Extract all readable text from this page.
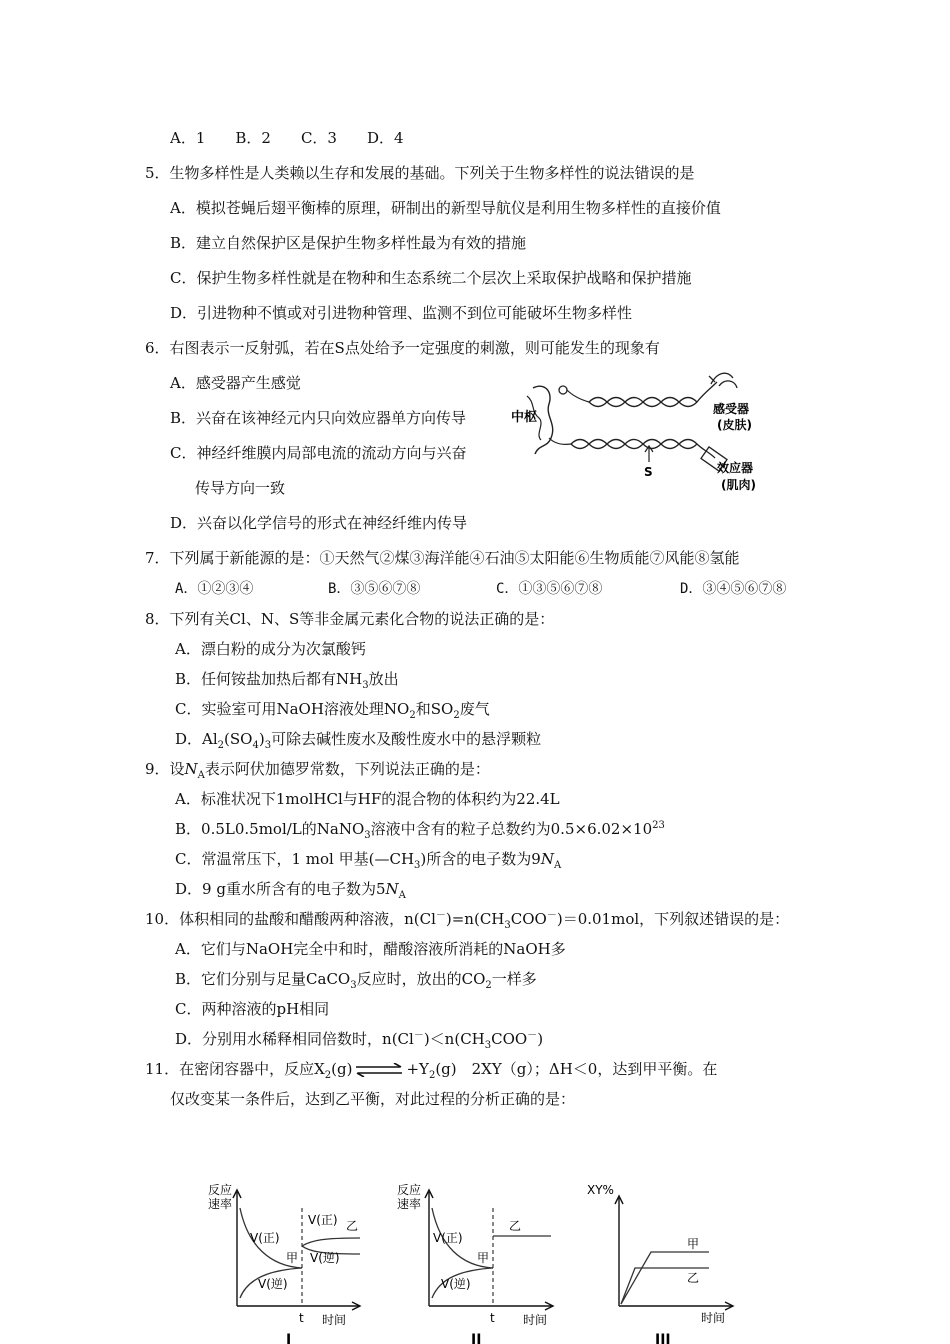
A．1　　B．2　　C．3　　D．4
5．生物多样性是人类赖以生存和发展的基础。下列关于生物多样性的说法错误的是
A．模拟苍蝇后翅平衡棒的原理，研制出的新型导航仪是利用生物多样性的直接价值
B．建立自然保护区是保护生物多样性最为有效的措施
C．保护生物多样性就是在物种和生态系统二个层次上采取保护战略和保护措施
D．引进物种不慎或对引进物种管理、监测不到位可能破坏生物多样性
6．右图表示一反射弧，若在S点处给予一定强度的刺激，则可能发生的现象有
A．感受器产生感觉
B．兴奋在该神经元内只向效应器单方向传导
C．神经纤维膜内局部电流的流动方向与兴奋
传导方向一致
D．兴奋以化学信号的形式在神经纤维内传导
中枢
感受器
(皮肤)
S	效应器
(肌肉)
7．下列属于新能源的是：①天然气②煤③海洋能④石油⑤太阳能⑥生物质能⑦风能⑧氢能
A．①②③④	B．③⑤⑥⑦⑧	C．①③⑤⑥⑦⑧	D．③④⑤⑥⑦⑧
8．下列有关Cl、N、S等非金属元素化合物的说法正确的是：
A．漂白粉的成分为次氯酸钙
B．任何铵盐加热后都有$NH_3$放出
C．实验室可用NaOH溶液处理$NO_2$和$SO_2$废气
D．$Al_2(SO_4)_3$可除去碱性废水及酸性废水中的悬浮颗粒
9．设$N_A$表示阿伏加德罗常数，下列说法正确的是：
A．标准状况下1molHCl与HF的混合物的体积约为22.4L
B．0.5L0.5mol/L的NaNO$_3$溶液中含有的粒子总数约为$0.5\times 6.02\times 10^{23}$
C．常温常压下，1 mol 甲基$(—CH_3)$所含的电子数为$9N_A$
D．9 g重水所含有的电子数为$5N_A$
10．体积相同的盐酸和醋酸两种溶液，$n(Cl^-)=n(CH_3COO^-)=0.01mol$，下列叙述错误的是：
A．它们与NaOH完全中和时，醋酸溶液所消耗的NaOH多
B．它们分别与足量CaCO$_3$反应时，放出的$CO_2$一样多
C．两种溶液的pH相同
D．分别用水稀释相同倍数时，$n(Cl^-)<n(CH_3COO^-)$
11．在密闭容器中，反应$X_2(g)$ ⇌ $+Y_2(g)$　2XY（g）；ΔH＜0，达到甲平衡。在
仅改变某一条件后，达到乙平衡，对此过程的分析正确的是：
反应
速率
V(正)
V(逆)
甲
V(正)
V(逆)
乙
t 时间
I
反应
速率
V(正)
V(逆)
甲
乙
t 时间
II
XY%
甲
乙
时间
III
